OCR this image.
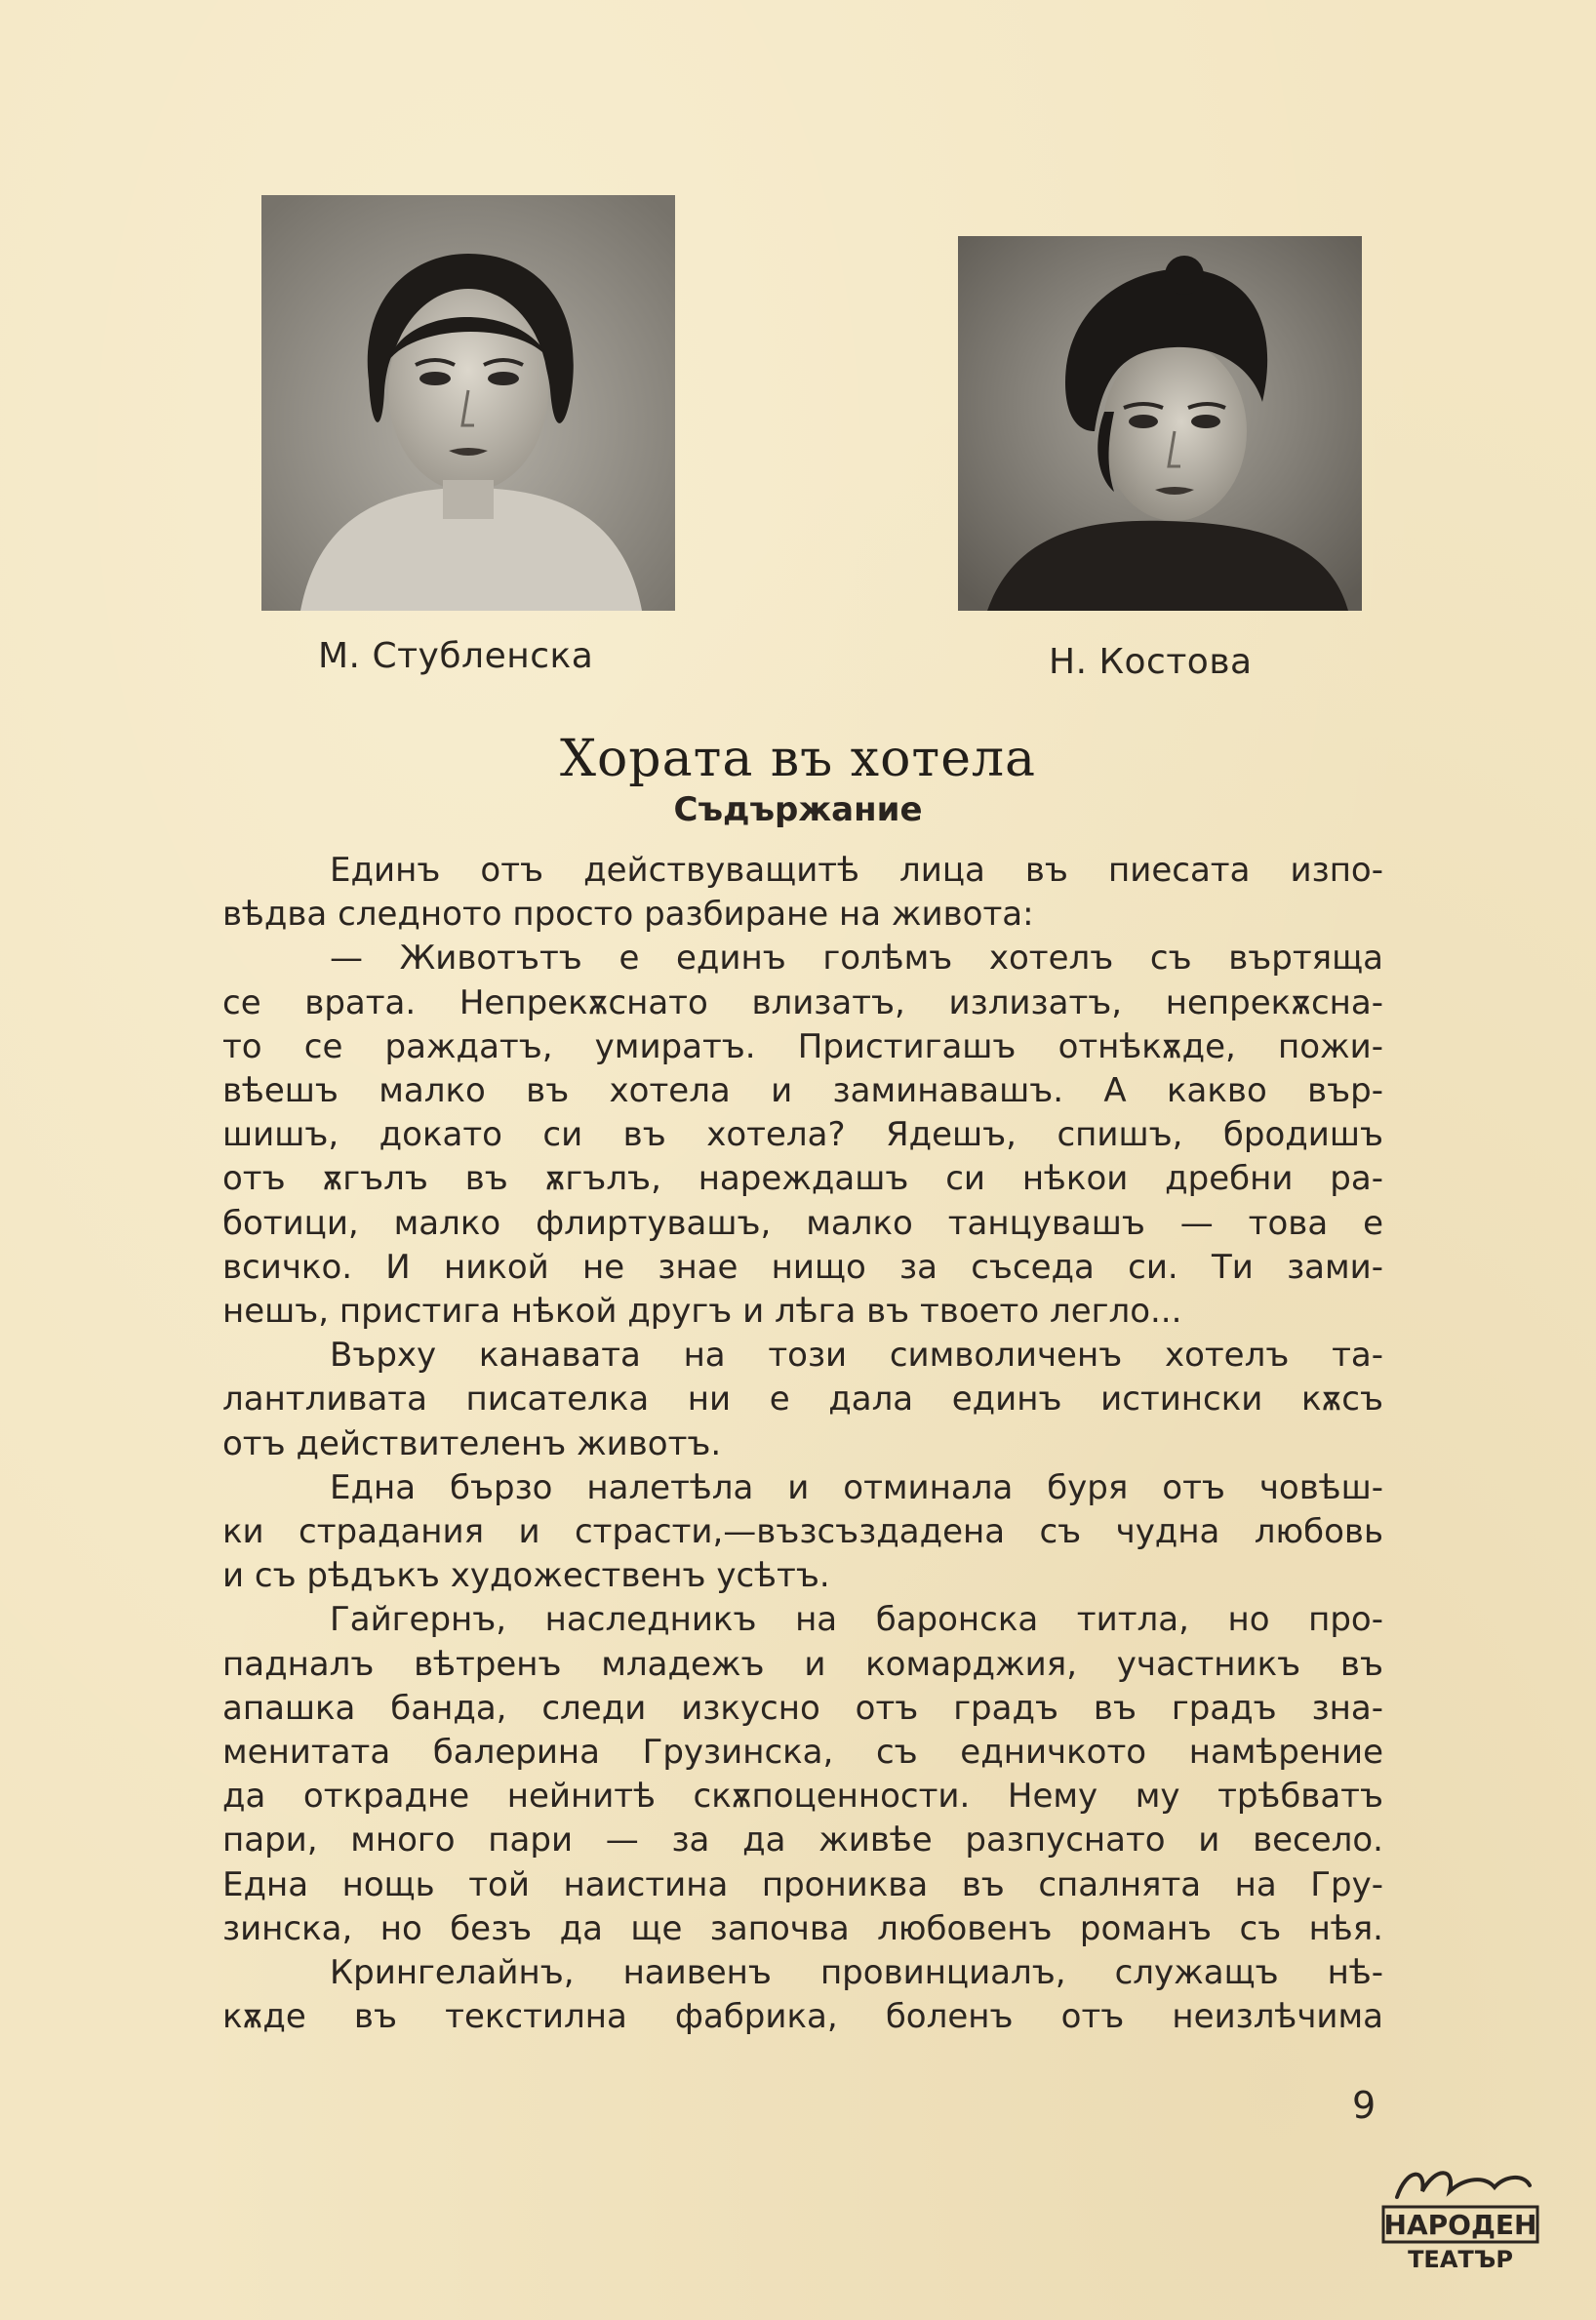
М. Стубленска	Н. Костова
Хората въ хотела
Съдържание
Единъ отъ действуващитѣ лица въ пиесата изпо-
вѣдва следното просто разбиране на живота:
— Животътъ е единъ голѣмъ хотелъ съ въртяща
се врата. Непрекѫснато влизатъ, излизатъ, непрекѫсна-
то се раждатъ, умиратъ. Пристигашъ отнѣкѫде, пожи-
вѣешъ малко въ хотела и заминавашъ. А какво вър-
шишъ, докато си въ хотела? Ядешъ, спишъ, бродишъ
отъ ѫгълъ въ ѫгълъ, нареждашъ си нѣкои дребни ра-
ботици, малко флиртувашъ, малко танцувашъ — това е
всичко. И никой не знае нищо за съседа си. Ти зами-
нешъ, пристига нѣкой другъ и лѣга въ твоето легло...
Върху канавата на този символиченъ хотелъ та-
лантливата писателка ни е дала единъ истински кѫсъ
отъ действителенъ животъ.
Една бързо налетѣла и отминала буря отъ човѣш-
ки страдания и страсти,—възсъздадена съ чудна любовь
и съ рѣдъкъ художественъ усѣтъ.
Гайгернъ, наследникъ на баронска титла, но про-
падналъ вѣтренъ младежъ и комарджия, участникъ въ
апашка банда, следи изкусно отъ градъ въ градъ зна-
менитата балерина Грузинска, съ едничкото намѣрение
да открадне нейнитѣ скѫпоценности. Нему му трѣбватъ
пари, много пари — за да живѣе разпуснато и весело.
Една нощь той наистина прониква въ спалнята на Гру-
зинска, но безъ да ще започва любовенъ романъ съ нѣя.
Крингелайнъ, наивенъ провинциалъ, служащъ нѣ-
кѫде въ текстилна фабрика, боленъ отъ неизлѣчима
9
НАРОДЕН
ТЕАТЪР
